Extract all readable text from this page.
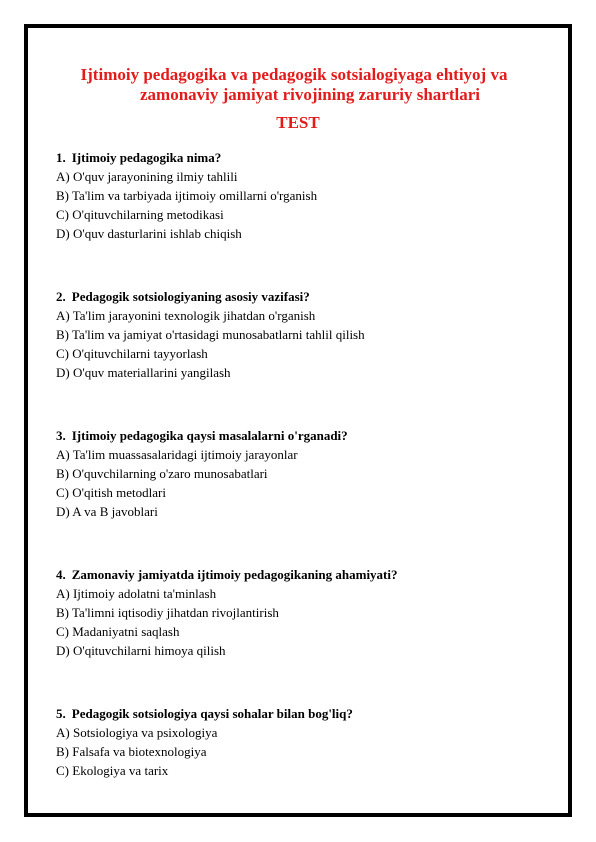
Ijtimoiy pedagogika va pedagogik sotsialogiyaga ehtiyoj va
zamonaviy jamiyat rivojining zaruriy shartlari
TEST
1. Ijtimoiy pedagogika nima?
A) O'quv jarayonining ilmiy tahlili
B) Ta'lim va tarbiyada ijtimoiy omillarni o'rganish
C) O'qituvchilarning metodikasi
D) O'quv dasturlarini ishlab chiqish
2. Pedagogik sotsiologiyaning asosiy vazifasi?
A) Ta'lim jarayonini texnologik jihatdan o'rganish
B) Ta'lim va jamiyat o'rtasidagi munosabatlarni tahlil qilish
C) O'qituvchilarni tayyorlash
D) O'quv materiallarini yangilash
3. Ijtimoiy pedagogika qaysi masalalarni o'rganadi?
A) Ta'lim muassasalaridagi ijtimoiy jarayonlar
B) O'quvchilarning o'zaro munosabatlari
C) O'qitish metodlari
D) A va B javoblari
4. Zamonaviy jamiyatda ijtimoiy pedagogikaning ahamiyati?
A) Ijtimoiy adolatni ta'minlash
B) Ta'limni iqtisodiy jihatdan rivojlantirish
C) Madaniyatni saqlash
D) O'qituvchilarni himoya qilish
5. Pedagogik sotsiologiya qaysi sohalar bilan bog'liq?
A) Sotsiologiya va psixologiya
B) Falsafa va biotexnologiya
C) Ekologiya va tarix
